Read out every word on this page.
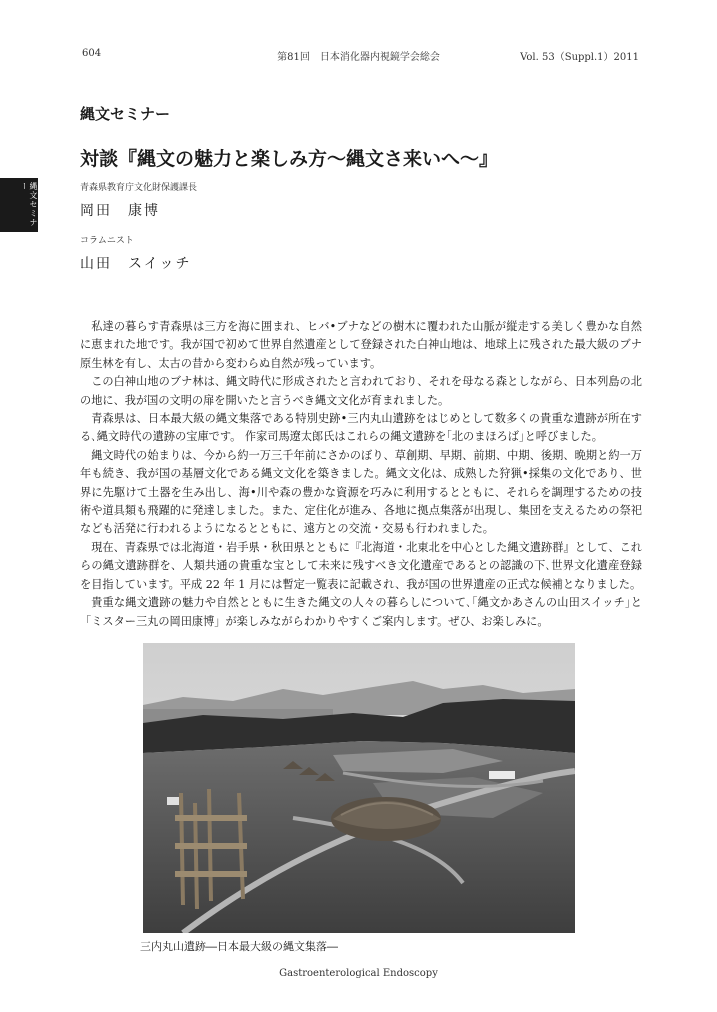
604	第81回　日本消化器内視鏡学会総会	Vol. 53（Suppl.1）2011
縄文セミナー
縄文セミナー
対談『縄文の魅力と楽しみ方〜縄文さ来いへ〜』
青森県教育庁文化財保護課長
岡田　康博
コラムニスト
山田　スイッチ

私達の暮らす青森県は三方を海に囲まれ、ヒバ•ブナなどの樹木に覆われた山脈が縦走する美しく豊かな自然に恵まれた地です。我が国で初めて世界自然遺産として登録された白神山地は、地球上に残された最大級のブナ原生林を有し、太古の昔から変わらぬ自然が残っています。

この白神山地のブナ林は、縄文時代に形成されたと言われており、それを母なる森としながら、日本列島の北の地に、我が国の文明の扉を開いたと言うべき縄文文化が育まれました。

青森県は、日本最大級の縄文集落である特別史跡•三内丸山遺跡をはじめとして数多くの貴重な遺跡が所在する､縄文時代の遺跡の宝庫です。 作家司馬遼太郎氏はこれらの縄文遺跡を｢北のまほろば｣と呼びました。

縄文時代の始まりは、今から約一万三千年前にさかのぼり、草創期、早期、前期、中期、後期、晩期と約一万年も続き、我が国の基層文化である縄文文化を築きました。縄文文化は、成熟した狩猟•採集の文化であり、世界に先駆けて土器を生み出し、海•川や森の豊かな資源を巧みに利用するとともに、それらを調理するための技術や道具類も飛躍的に発達しました。また、定住化が進み、各地に拠点集落が出現し、集団を支えるための祭祀なども活発に行われるようになるとともに、遠方との交流・交易も行われました。

現在、青森県では北海道・岩手県・秋田県とともに『北海道・北東北を中心とした縄文遺跡群』として、これらの縄文遺跡群を、人類共通の貴重な宝として未来に残すべき文化遺産であるとの認識の下､世界文化遺産登録を目指しています。平成 22 年 1 月には暫定一覧表に記載され、我が国の世界遺産の正式な候補となりました。

貴重な縄文遺跡の魅力や自然とともに生きた縄文の人々の暮らしについて､｢縄文かあさんの山田スイッチ｣と「ミスター三丸の岡田康博」が楽しみながらわかりやすくご案内します。ぜひ、お楽しみに。

三内丸山遺跡―日本最大級の縄文集落―
Gastroenterological Endoscopy
